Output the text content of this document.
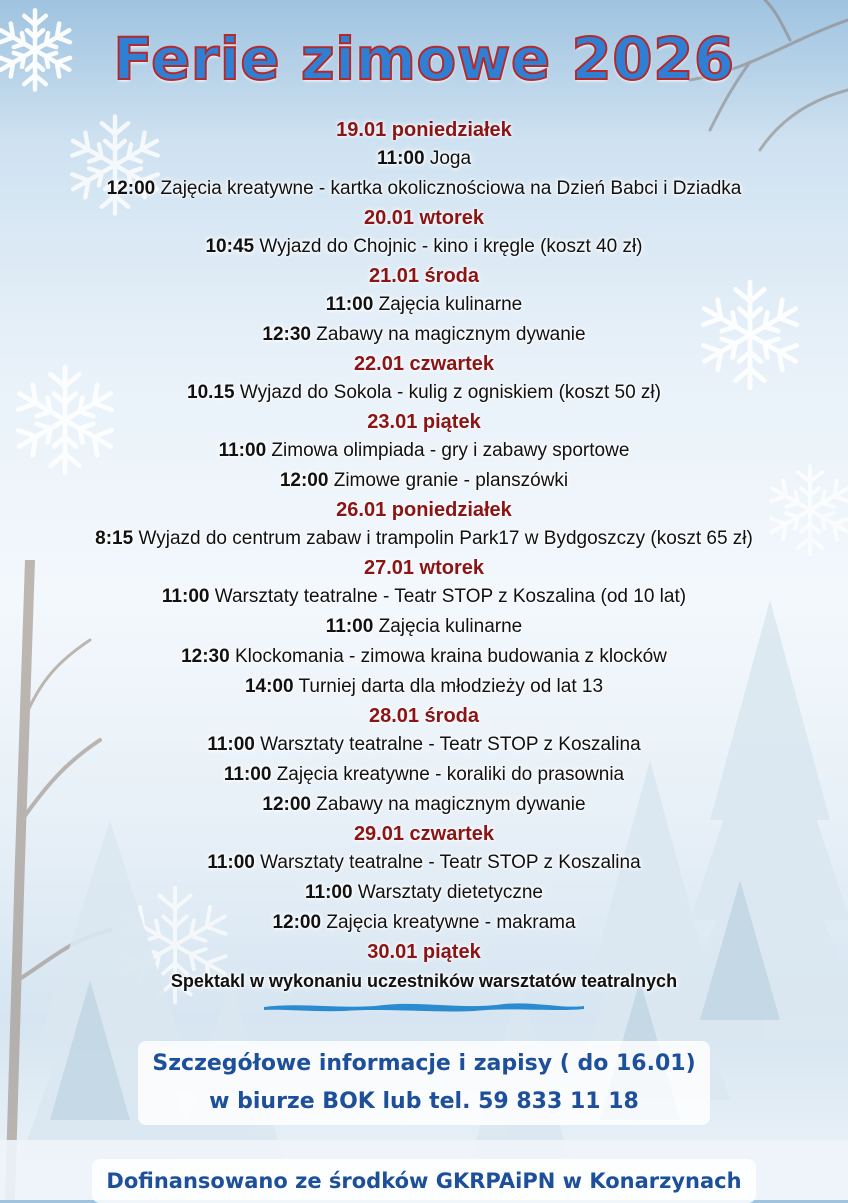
Ferie zimowe 2026
19.01 poniedziałek
11:00 Joga
12:00 Zajęcia kreatywne - kartka okolicznościowa na Dzień Babci i Dziadka
20.01 wtorek
10:45 Wyjazd do Chojnic - kino i kręgle (koszt 40 zł)
21.01 środa
11:00 Zajęcia kulinarne
12:30 Zabawy na magicznym dywanie
22.01 czwartek
10.15 Wyjazd do Sokola - kulig z ogniskiem (koszt 50 zł)
23.01 piątek
11:00 Zimowa olimpiada - gry i zabawy sportowe
12:00 Zimowe granie - planszówki
26.01 poniedziałek
8:15 Wyjazd do centrum zabaw i trampolin Park17 w Bydgoszczy (koszt 65 zł)
27.01 wtorek
11:00 Warsztaty teatralne - Teatr STOP z Koszalina (od 10 lat)
11:00 Zajęcia kulinarne
12:30 Klockomania - zimowa kraina budowania z klocków
14:00 Turniej darta dla młodzieży od lat 13
28.01 środa
11:00 Warsztaty teatralne - Teatr STOP z Koszalina
11:00 Zajęcia kreatywne - koraliki do prasownia
12:00 Zabawy na magicznym dywanie
29.01 czwartek
11:00 Warsztaty teatralne - Teatr STOP z Koszalina
11:00 Warsztaty dietetyczne
12:00 Zajęcia kreatywne - makrama
30.01 piątek
Spektakl w wykonaniu uczestników warsztatów teatralnych
Szczegółowe informacje i zapisy ( do 16.01)
w biurze BOK lub tel. 59 833 11 18
Dofinansowano ze środków GKRPAiPN w Konarzynach
